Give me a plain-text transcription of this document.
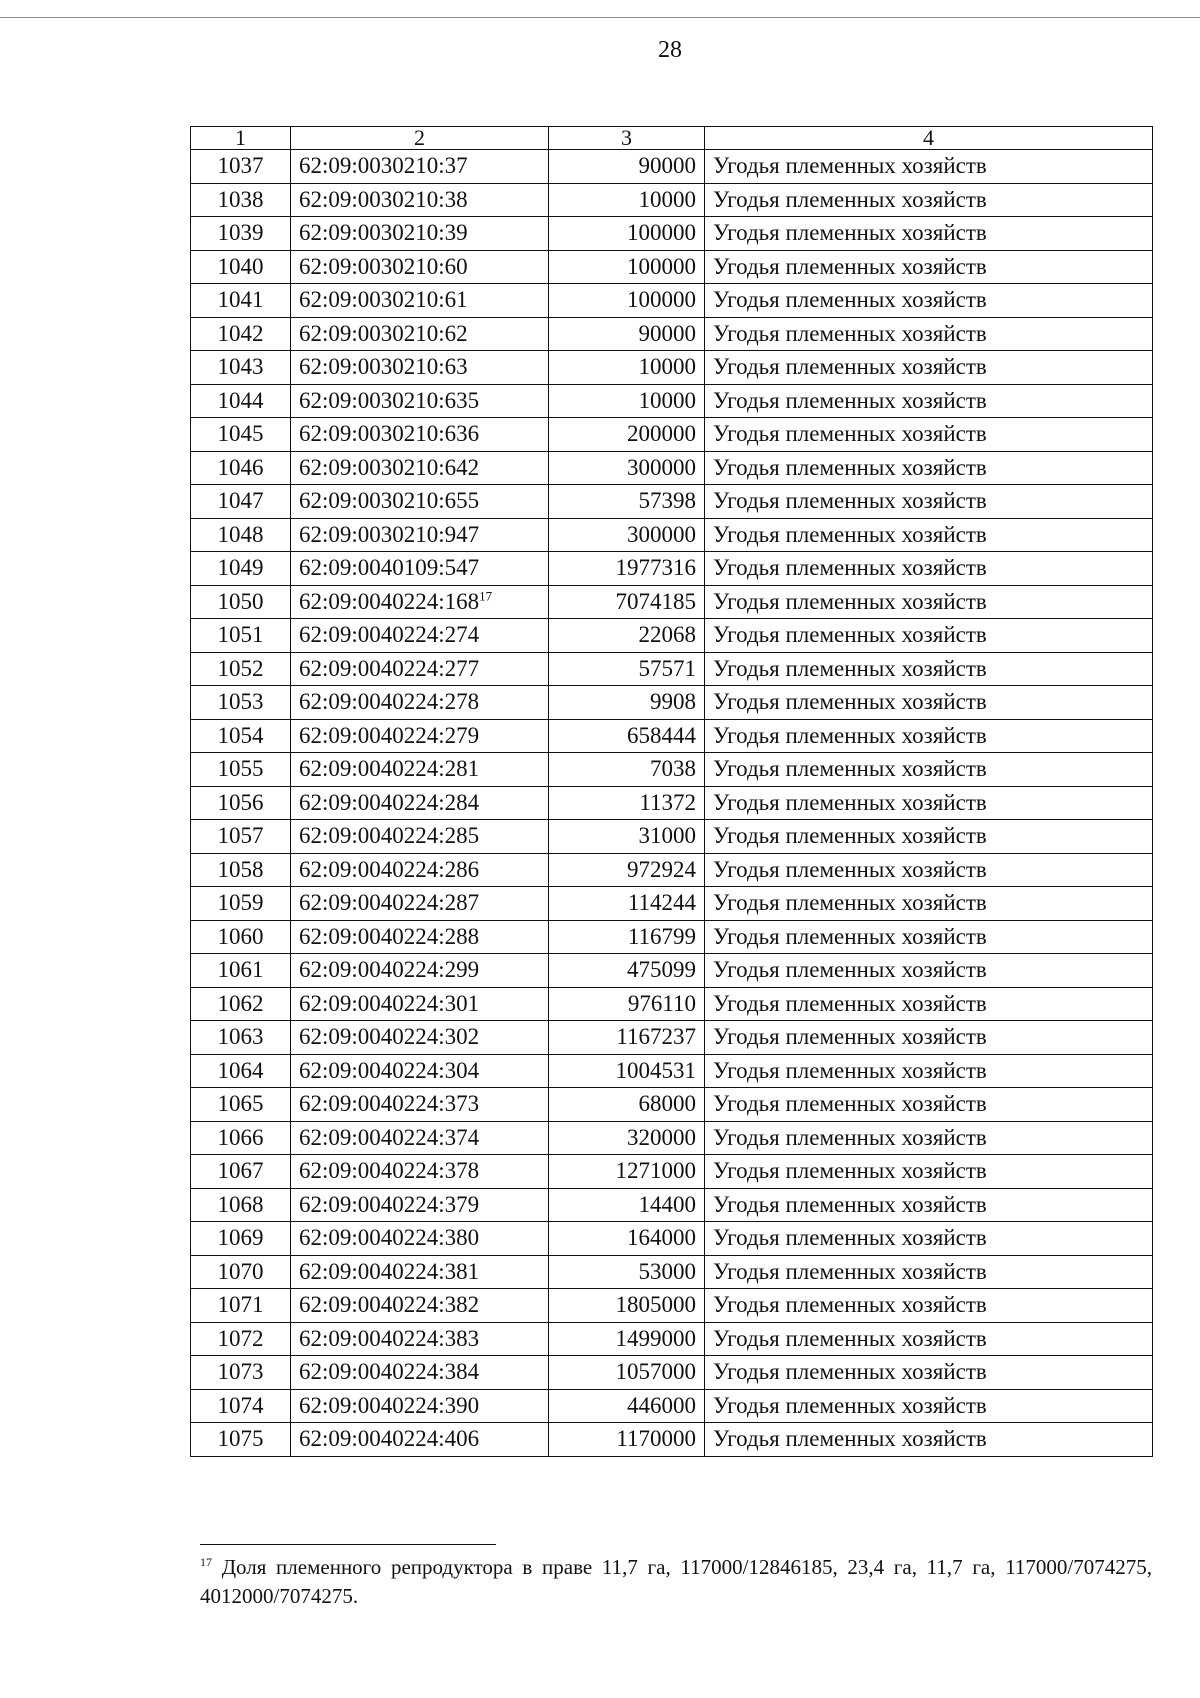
28
1	2	3	4
1037	62:09:0030210:37	90000	Угодья племенных хозяйств
1038	62:09:0030210:38	10000	Угодья племенных хозяйств
1039	62:09:0030210:39	100000	Угодья племенных хозяйств
1040	62:09:0030210:60	100000	Угодья племенных хозяйств
1041	62:09:0030210:61	100000	Угодья племенных хозяйств
1042	62:09:0030210:62	90000	Угодья племенных хозяйств
1043	62:09:0030210:63	10000	Угодья племенных хозяйств
1044	62:09:0030210:635	10000	Угодья племенных хозяйств
1045	62:09:0030210:636	200000	Угодья племенных хозяйств
1046	62:09:0030210:642	300000	Угодья племенных хозяйств
1047	62:09:0030210:655	57398	Угодья племенных хозяйств
1048	62:09:0030210:947	300000	Угодья племенных хозяйств
1049	62:09:0040109:547	1977316	Угодья племенных хозяйств
1050	$62:09:0040224:168^{17}$	7074185	Угодья племенных хозяйств
1051	62:09:0040224:274	22068	Угодья племенных хозяйств
1052	62:09:0040224:277	57571	Угодья племенных хозяйств
1053	62:09:0040224:278	9908	Угодья племенных хозяйств
1054	62:09:0040224:279	658444	Угодья племенных хозяйств
1055	62:09:0040224:281	7038	Угодья племенных хозяйств
1056	62:09:0040224:284	11372	Угодья племенных хозяйств
1057	62:09:0040224:285	31000	Угодья племенных хозяйств
1058	62:09:0040224:286	972924	Угодья племенных хозяйств
1059	62:09:0040224:287	114244	Угодья племенных хозяйств
1060	62:09:0040224:288	116799	Угодья племенных хозяйств
1061	62:09:0040224:299	475099	Угодья племенных хозяйств
1062	62:09:0040224:301	976110	Угодья племенных хозяйств
1063	62:09:0040224:302	1167237	Угодья племенных хозяйств
1064	62:09:0040224:304	1004531	Угодья племенных хозяйств
1065	62:09:0040224:373	68000	Угодья племенных хозяйств
1066	62:09:0040224:374	320000	Угодья племенных хозяйств
1067	62:09:0040224:378	1271000	Угодья племенных хозяйств
1068	62:09:0040224:379	14400	Угодья племенных хозяйств
1069	62:09:0040224:380	164000	Угодья племенных хозяйств
1070	62:09:0040224:381	53000	Угодья племенных хозяйств
1071	62:09:0040224:382	1805000	Угодья племенных хозяйств
1072	62:09:0040224:383	1499000	Угодья племенных хозяйств
1073	62:09:0040224:384	1057000	Угодья племенных хозяйств
1074	62:09:0040224:390	446000	Угодья племенных хозяйств
1075	62:09:0040224:406	1170000	Угодья племенных хозяйств
$^{17}$ Доля племенного репродуктора в праве 11,7 га, 117000/12846185, 23,4 га, 11,7 га, 117000/7074275, 4012000/7074275.
